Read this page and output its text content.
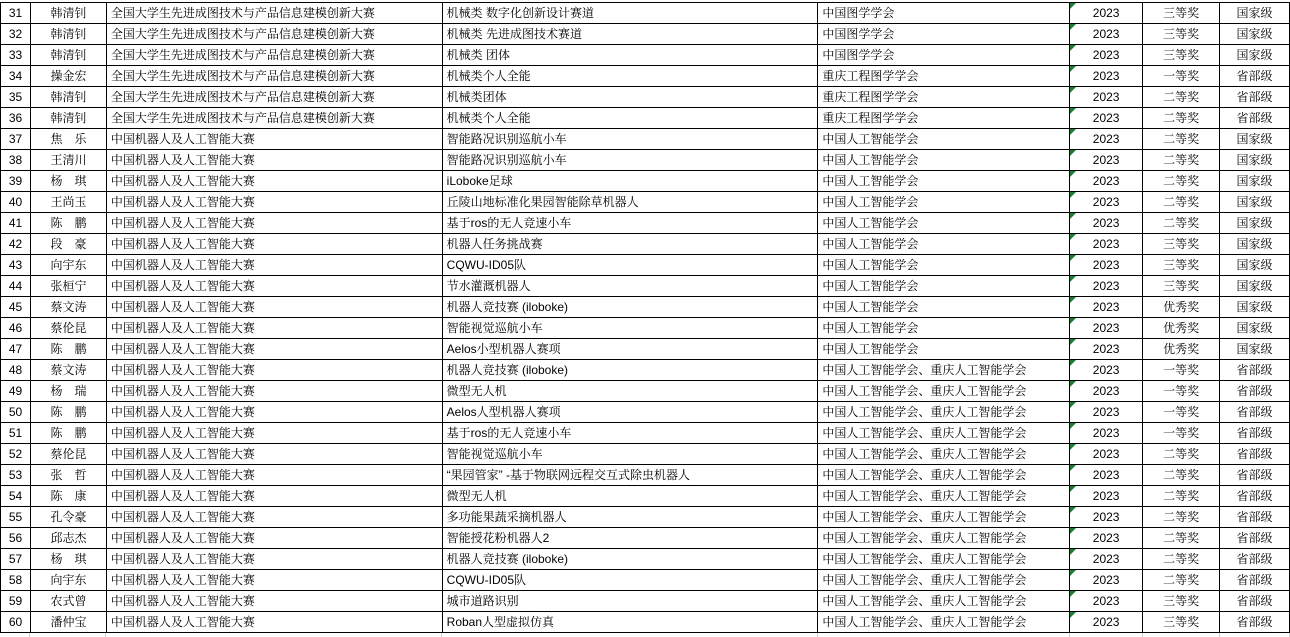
31 韩清钊 全国大学生先进成图技术与产品信息建模创新大赛	机械类 数字化创新设计赛道	中国图学学会	2023	三等奖	国家级
32 韩清钊 全国大学生先进成图技术与产品信息建模创新大赛	机械类 先进成图技术赛道	中国图学学会	2023	三等奖	国家级
33 韩清钊 全国大学生先进成图技术与产品信息建模创新大赛	机械类 团体	中国图学学会	2023	三等奖	国家级
34 操金宏 全国大学生先进成图技术与产品信息建模创新大赛	机械类个人全能	重庆工程图学学会	2023	一等奖	省部级
35 韩清钊 全国大学生先进成图技术与产品信息建模创新大赛	机械类团体	重庆工程图学学会	2023	二等奖	省部级
36 韩清钊 全国大学生先进成图技术与产品信息建模创新大赛	机械类个人全能	重庆工程图学学会	2023	二等奖	省部级
37 焦　乐 中国机器人及人工智能大赛	智能路况识别巡航小车	中国人工智能学会	2023	二等奖	国家级
38 王清川 中国机器人及人工智能大赛	智能路况识别巡航小车	中国人工智能学会	2023	二等奖	国家级
39 杨　琪 中国机器人及人工智能大赛	iLoboke足球	中国人工智能学会	2023	二等奖	国家级
40 王尚玉 中国机器人及人工智能大赛	丘陵山地标准化果园智能除草机器人	中国人工智能学会	2023	二等奖	国家级
41 陈　鹏 中国机器人及人工智能大赛	基于ros的无人竞速小车	中国人工智能学会	2023	二等奖	国家级
42 段　豪 中国机器人及人工智能大赛	机器人任务挑战赛	中国人工智能学会	2023	三等奖	国家级
43 向宇东 中国机器人及人工智能大赛	CQWU-ID05队	中国人工智能学会	2023	三等奖	国家级
44 张桓宁 中国机器人及人工智能大赛	节水灌溉机器人	中国人工智能学会	2023	三等奖	国家级
45 蔡文涛 中国机器人及人工智能大赛	机器人竞技赛 (iloboke)	中国人工智能学会	2023	优秀奖	国家级
46 蔡伦昆 中国机器人及人工智能大赛	智能视觉巡航小车	中国人工智能学会	2023	优秀奖	国家级
47 陈　鹏 中国机器人及人工智能大赛	Aelos小型机器人赛项	中国人工智能学会	2023	优秀奖	国家级
48 蔡文涛 中国机器人及人工智能大赛	机器人竞技赛 (iloboke)	中国人工智能学会、重庆人工智能学会	2023	一等奖	省部级
49 杨　瑞 中国机器人及人工智能大赛	微型无人机	中国人工智能学会、重庆人工智能学会	2023	一等奖	省部级
50 陈　鹏 中国机器人及人工智能大赛	Aelos人型机器人赛项	中国人工智能学会、重庆人工智能学会	2023	一等奖	省部级
51 陈　鹏 中国机器人及人工智能大赛	基于ros的无人竞速小车	中国人工智能学会、重庆人工智能学会	2023	一等奖	省部级
52 蔡伦昆 中国机器人及人工智能大赛	智能视觉巡航小车	中国人工智能学会、重庆人工智能学会	2023	二等奖	省部级
53 张　哲 中国机器人及人工智能大赛	“果园管家” -基于物联网远程交互式除虫机器人	中国人工智能学会、重庆人工智能学会	2023	二等奖	省部级
54 陈　康 中国机器人及人工智能大赛	微型无人机	中国人工智能学会、重庆人工智能学会	2023	二等奖	省部级
55 孔令豪 中国机器人及人工智能大赛	多功能果蔬采摘机器人	中国人工智能学会、重庆人工智能学会	2023	二等奖	省部级
56 邱志杰 中国机器人及人工智能大赛	智能授花粉机器人2	中国人工智能学会、重庆人工智能学会	2023	二等奖	省部级
57 杨　琪 中国机器人及人工智能大赛	机器人竞技赛 (iloboke)	中国人工智能学会、重庆人工智能学会	2023	二等奖	省部级
58 向宇东 中国机器人及人工智能大赛	CQWU-ID05队	中国人工智能学会、重庆人工智能学会	2023	二等奖	省部级
59 农式曾 中国机器人及人工智能大赛	城市道路识别	中国人工智能学会、重庆人工智能学会	2023	三等奖	省部级
60 潘仲宝 中国机器人及人工智能大赛	Roban人型虚拟仿真	中国人工智能学会、重庆人工智能学会	2023	三等奖	省部级
